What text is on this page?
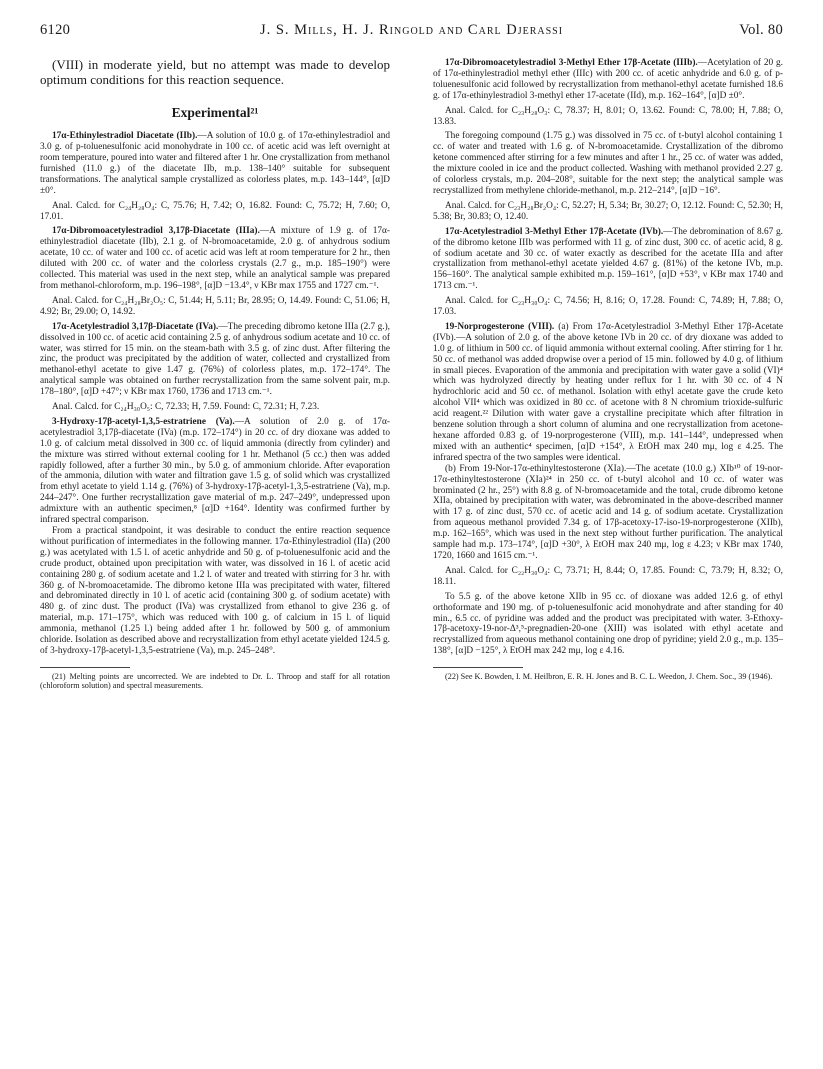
6120	J. S. Mills, H. J. Ringold and Carl Djerassi	Vol. 80

(VIII) in moderate yield, but no attempt was made to develop optimum conditions for this reaction sequence.

Experimental²¹

17α-Ethinylestradiol Diacetate (IIb).—A solution of 10.0 g. of 17α-ethinylestradiol and 3.0 g. of p-toluenesulfonic acid monohydrate in 100 cc. of acetic acid was left overnight at room temperature, poured into water and filtered after 1 hr. One crystallization from methanol furnished (11.0 g.) of the diacetate IIb, m.p. 138–140° suitable for subsequent transformations. The analytical sample crystallized as colorless plates, m.p. 143–144°, [α]D ±0°.

Anal. Calcd. for C₂₄H₂₈O₄: C, 75.76; H, 7.42; O, 16.82. Found: C, 75.72; H, 7.60; O, 17.01.

17α-Dibromoacetylestradiol 3,17β-Diacetate (IIIa).—A mixture of 1.9 g. of 17α-ethinylestradiol diacetate (IIb), 2.1 g. of N-bromoacetamide, 2.0 g. of anhydrous sodium acetate, 10 cc. of water and 100 cc. of acetic acid was left at room temperature for 2 hr., then diluted with 200 cc. of water and the colorless crystals (2.7 g., m.p. 185–190°) were collected. This material was used in the next step, while an analytical sample was prepared from methanol-chloroform, m.p. 196–198°, [α]D −13.4°, ν KBr max 1755 and 1727 cm.⁻¹.

Anal. Calcd. for C₂₄H₂₈Br₂O₅: C, 51.44; H, 5.11; Br, 28.95; O, 14.49. Found: C, 51.06; H, 4.92; Br, 29.00; O, 14.92.

17α-Acetylestradiol 3,17β-Diacetate (IVa).—The preceding dibromo ketone IIIa (2.7 g.), dissolved in 100 cc. of acetic acid containing 2.5 g. of anhydrous sodium acetate and 10 cc. of water, was stirred for 15 min. on the steam-bath with 3.5 g. of zinc dust. After filtering the zinc, the product was precipitated by the addition of water, collected and crystallized from methanol-ethyl acetate to give 1.47 g. (76%) of colorless plates, m.p. 172–174°. The analytical sample was obtained on further recrystallization from the same solvent pair, m.p. 178–180°, [α]D +47°; ν KBr max 1760, 1736 and 1713 cm.⁻¹.

Anal. Calcd. for C₂₄H₃₀O₅: C, 72.33; H, 7.59. Found: C, 72.31; H, 7.23.

3-Hydroxy-17β-acetyl-1,3,5-estratriene (Va).—A solution of 2.0 g. of 17α-acetylestradiol 3,17β-diacetate (IVa) (m.p. 172–174°) in 20 cc. of dry dioxane was added to 1.0 g. of calcium metal dissolved in 300 cc. of liquid ammonia (directly from cylinder) and the mixture was stirred without external cooling for 1 hr. Methanol (5 cc.) then was added rapidly followed, after a further 30 min., by 5.0 g. of ammonium chloride. After evaporation of the ammonia, dilution with water and filtration gave 1.5 g. of solid which was crystallized from ethyl acetate to yield 1.14 g. (76%) of 3-hydroxy-17β-acetyl-1,3,5-estratriene (Va), m.p. 244–247°. One further recrystallization gave material of m.p. 247–249°, undepressed upon admixture with an authentic specimen,⁸ [α]D +164°. Identity was confirmed further by infrared spectral comparison.

From a practical standpoint, it was desirable to conduct the entire reaction sequence without purification of intermediates in the following manner. 17α-Ethinylestradiol (IIa) (200 g.) was acetylated with 1.5 l. of acetic anhydride and 50 g. of p-toluenesulfonic acid and the crude product, obtained upon precipitation with water, was dissolved in 16 l. of acetic acid containing 280 g. of sodium acetate and 1.2 l. of water and treated with stirring for 3 hr. with 360 g. of N-bromoacetamide. The dibromo ketone IIIa was precipitated with water, filtered and debrominated directly in 10 l. of acetic acid (containing 300 g. of sodium acetate) with 480 g. of zinc dust. The product (IVa) was crystallized from ethanol to give 236 g. of material, m.p. 171–175°, which was reduced with 100 g. of calcium in 15 l. of liquid ammonia, methanol (1.25 l.) being added after 1 hr. followed by 500 g. of ammonium chloride. Isolation as described above and recrystallization from ethyl acetate yielded 124.5 g. of 3-hydroxy-17β-acetyl-1,3,5-estratriene (Va), m.p. 245–248°.

(21) Melting points are uncorrected. We are indebted to Dr. L. Throop and staff for all rotation (chloroform solution) and spectral measurements.

17α-Dibromoacetylestradiol 3-Methyl Ether 17β-Acetate (IIIb).—Acetylation of 20 g. of 17α-ethinylestradiol methyl ether (IIIc) with 200 cc. of acetic anhydride and 6.0 g. of p-toluenesulfonic acid followed by recrystallization from methanol-ethyl acetate furnished 18.6 g. of 17α-ethinylestradiol 3-methyl ether 17-acetate (IId), m.p. 162–164°, [α]D ±0°.

Anal. Calcd. for C₂₃H₂₈O₃: C, 78.37; H, 8.01; O, 13.62. Found: C, 78.00; H, 7.88; O, 13.83.

The foregoing compound (1.75 g.) was dissolved in 75 cc. of t-butyl alcohol containing 1 cc. of water and treated with 1.6 g. of N-bromoacetamide. Crystallization of the dibromo ketone commenced after stirring for a few minutes and after 1 hr., 25 cc. of water was added, the mixture cooled in ice and the product collected. Washing with methanol provided 2.27 g. of colorless crystals, m.p. 204–208°, suitable for the next step; the analytical sample was recrystallized from methylene chloride-methanol, m.p. 212–214°, [α]D −16°.

Anal. Calcd. for C₂₃H₂₈Br₂O₄: C, 52.27; H, 5.34; Br, 30.27; O, 12.12. Found: C, 52.30; H, 5.38; Br, 30.83; O, 12.40.

17α-Acetylestradiol 3-Methyl Ether 17β-Acetate (IVb).—The debromination of 8.67 g. of the dibromo ketone IIIb was performed with 11 g. of zinc dust, 300 cc. of acetic acid, 8 g. of sodium acetate and 30 cc. of water exactly as described for the acetate IIIa and after crystallization from methanol-ethyl acetate yielded 4.67 g. (81%) of the ketone IVb, m.p. 156–160°. The analytical sample exhibited m.p. 159–161°, [α]D +53°, ν KBr max 1740 and 1713 cm.⁻¹.

Anal. Calcd. for C₂₃H₃₀O₄: C, 74.56; H, 8.16; O, 17.28. Found: C, 74.89; H, 7.88; O, 17.03.

19-Norprogesterone (VIII). (a) From 17α-Acetylestradiol 3-Methyl Ether 17β-Acetate (IVb).—A solution of 2.0 g. of the above ketone IVb in 20 cc. of dry dioxane was added to 1.0 g. of lithium in 500 cc. of liquid ammonia without external cooling. After stirring for 1 hr. 50 cc. of methanol was added dropwise over a period of 15 min. followed by 4.0 g. of lithium in small pieces. Evaporation of the ammonia and precipitation with water gave a solid (VI)⁴ which was hydrolyzed directly by heating under reflux for 1 hr. with 30 cc. of 4 N hydrochloric acid and 50 cc. of methanol. Isolation with ethyl acetate gave the crude keto alcohol VII⁴ which was oxidized in 80 cc. of acetone with 8 N chromium trioxide-sulfuric acid reagent.²² Dilution with water gave a crystalline precipitate which after filtration in benzene solution through a short column of alumina and one recrystallization from acetone-hexane afforded 0.83 g. of 19-norprogesterone (VIII), m.p. 141–144°, undepressed when mixed with an authentic⁴ specimen, [α]D +154°, λ EtOH max 240 mμ, log ε 4.25. The infrared spectra of the two samples were identical.

(b) From 19-Nor-17α-ethinyltestosterone (XIa).—The acetate (10.0 g.) XIb¹⁰ of 19-nor-17α-ethinyltestosterone (XIa)²⁴ in 250 cc. of t-butyl alcohol and 10 cc. of water was brominated (2 hr., 25°) with 8.8 g. of N-bromoacetamide and the total, crude dibromo ketone XIIa, obtained by precipitation with water, was debrominated in the above-described manner with 17 g. of zinc dust, 570 cc. of acetic acid and 14 g. of sodium acetate. Crystallization from aqueous methanol provided 7.34 g. of 17β-acetoxy-17-iso-19-norprogesterone (XIIb), m.p. 162–165°, which was used in the next step without further purification. The analytical sample had m.p. 173–174°, [α]D +30°, λ EtOH max 240 mμ, log ε 4.23; ν KBr max 1740, 1720, 1660 and 1615 cm.⁻¹.

Anal. Calcd. for C₂₂H₃₀O₄: C, 73.71; H, 8.44; O, 17.85. Found: C, 73.79; H, 8.32; O, 18.11.

To 5.5 g. of the above ketone XIIb in 95 cc. of dioxane was added 12.6 g. of ethyl orthoformate and 190 mg. of p-toluenesulfonic acid monohydrate and after standing for 40 min., 6.5 cc. of pyridine was added and the product was precipitated with water. 3-Ethoxy-17β-acetoxy-19-nor-Δ³,⁵-pregnadien-20-one (XIII) was isolated with ethyl acetate and recrystallized from aqueous methanol containing one drop of pyridine; yield 2.0 g., m.p. 135–138°, [α]D −125°, λ EtOH max 242 mμ, log ε 4.16.

(22) See K. Bowden, I. M. Heilbron, E. R. H. Jones and B. C. L. Weedon, J. Chem. Soc., 39 (1946).
